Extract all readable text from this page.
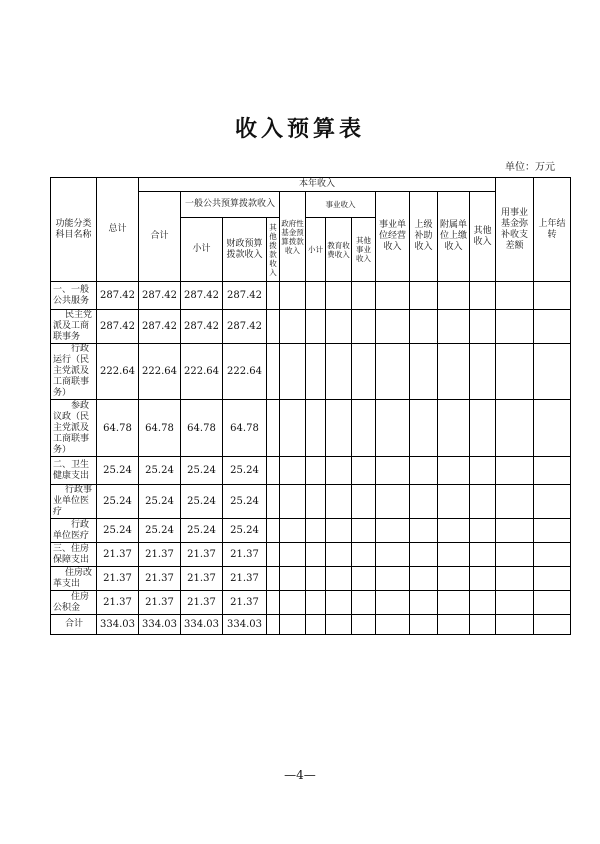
收入预算表
单位：万元
功能分类科目名称	总计	本年收入												用事业基金弥补收支差额	上年结转
		合计	一般公共预算拨款收入			政府性基金预算拨款收入	事业收入			事业单位经营收入	上级补助收入	附属单位上缴收入	其他收入		
			小计	财政预算拨款收入	其他拨款收入		小计	教育收费收入	其他事业收入						

一、一般公共服务	287.42	287.42	287.42	287.42											
民主党派及工商联事务	287.42	287.42	287.42	287.42											
行政运行（民主党派及工商联事务）	222.64	222.64	222.64	222.64											
参政议政（民主党派及工商联事务）	64.78	64.78	64.78	64.78											
二、卫生健康支出	25.24	25.24	25.24	25.24											
行政事业单位医疗	25.24	25.24	25.24	25.24											
行政单位医疗	25.24	25.24	25.24	25.24											
三、住房保障支出	21.37	21.37	21.37	21.37											
住房改革支出	21.37	21.37	21.37	21.37											
住房公积金	21.37	21.37	21.37	21.37											
合计	334.03	334.03	334.03	334.03											
—4—
